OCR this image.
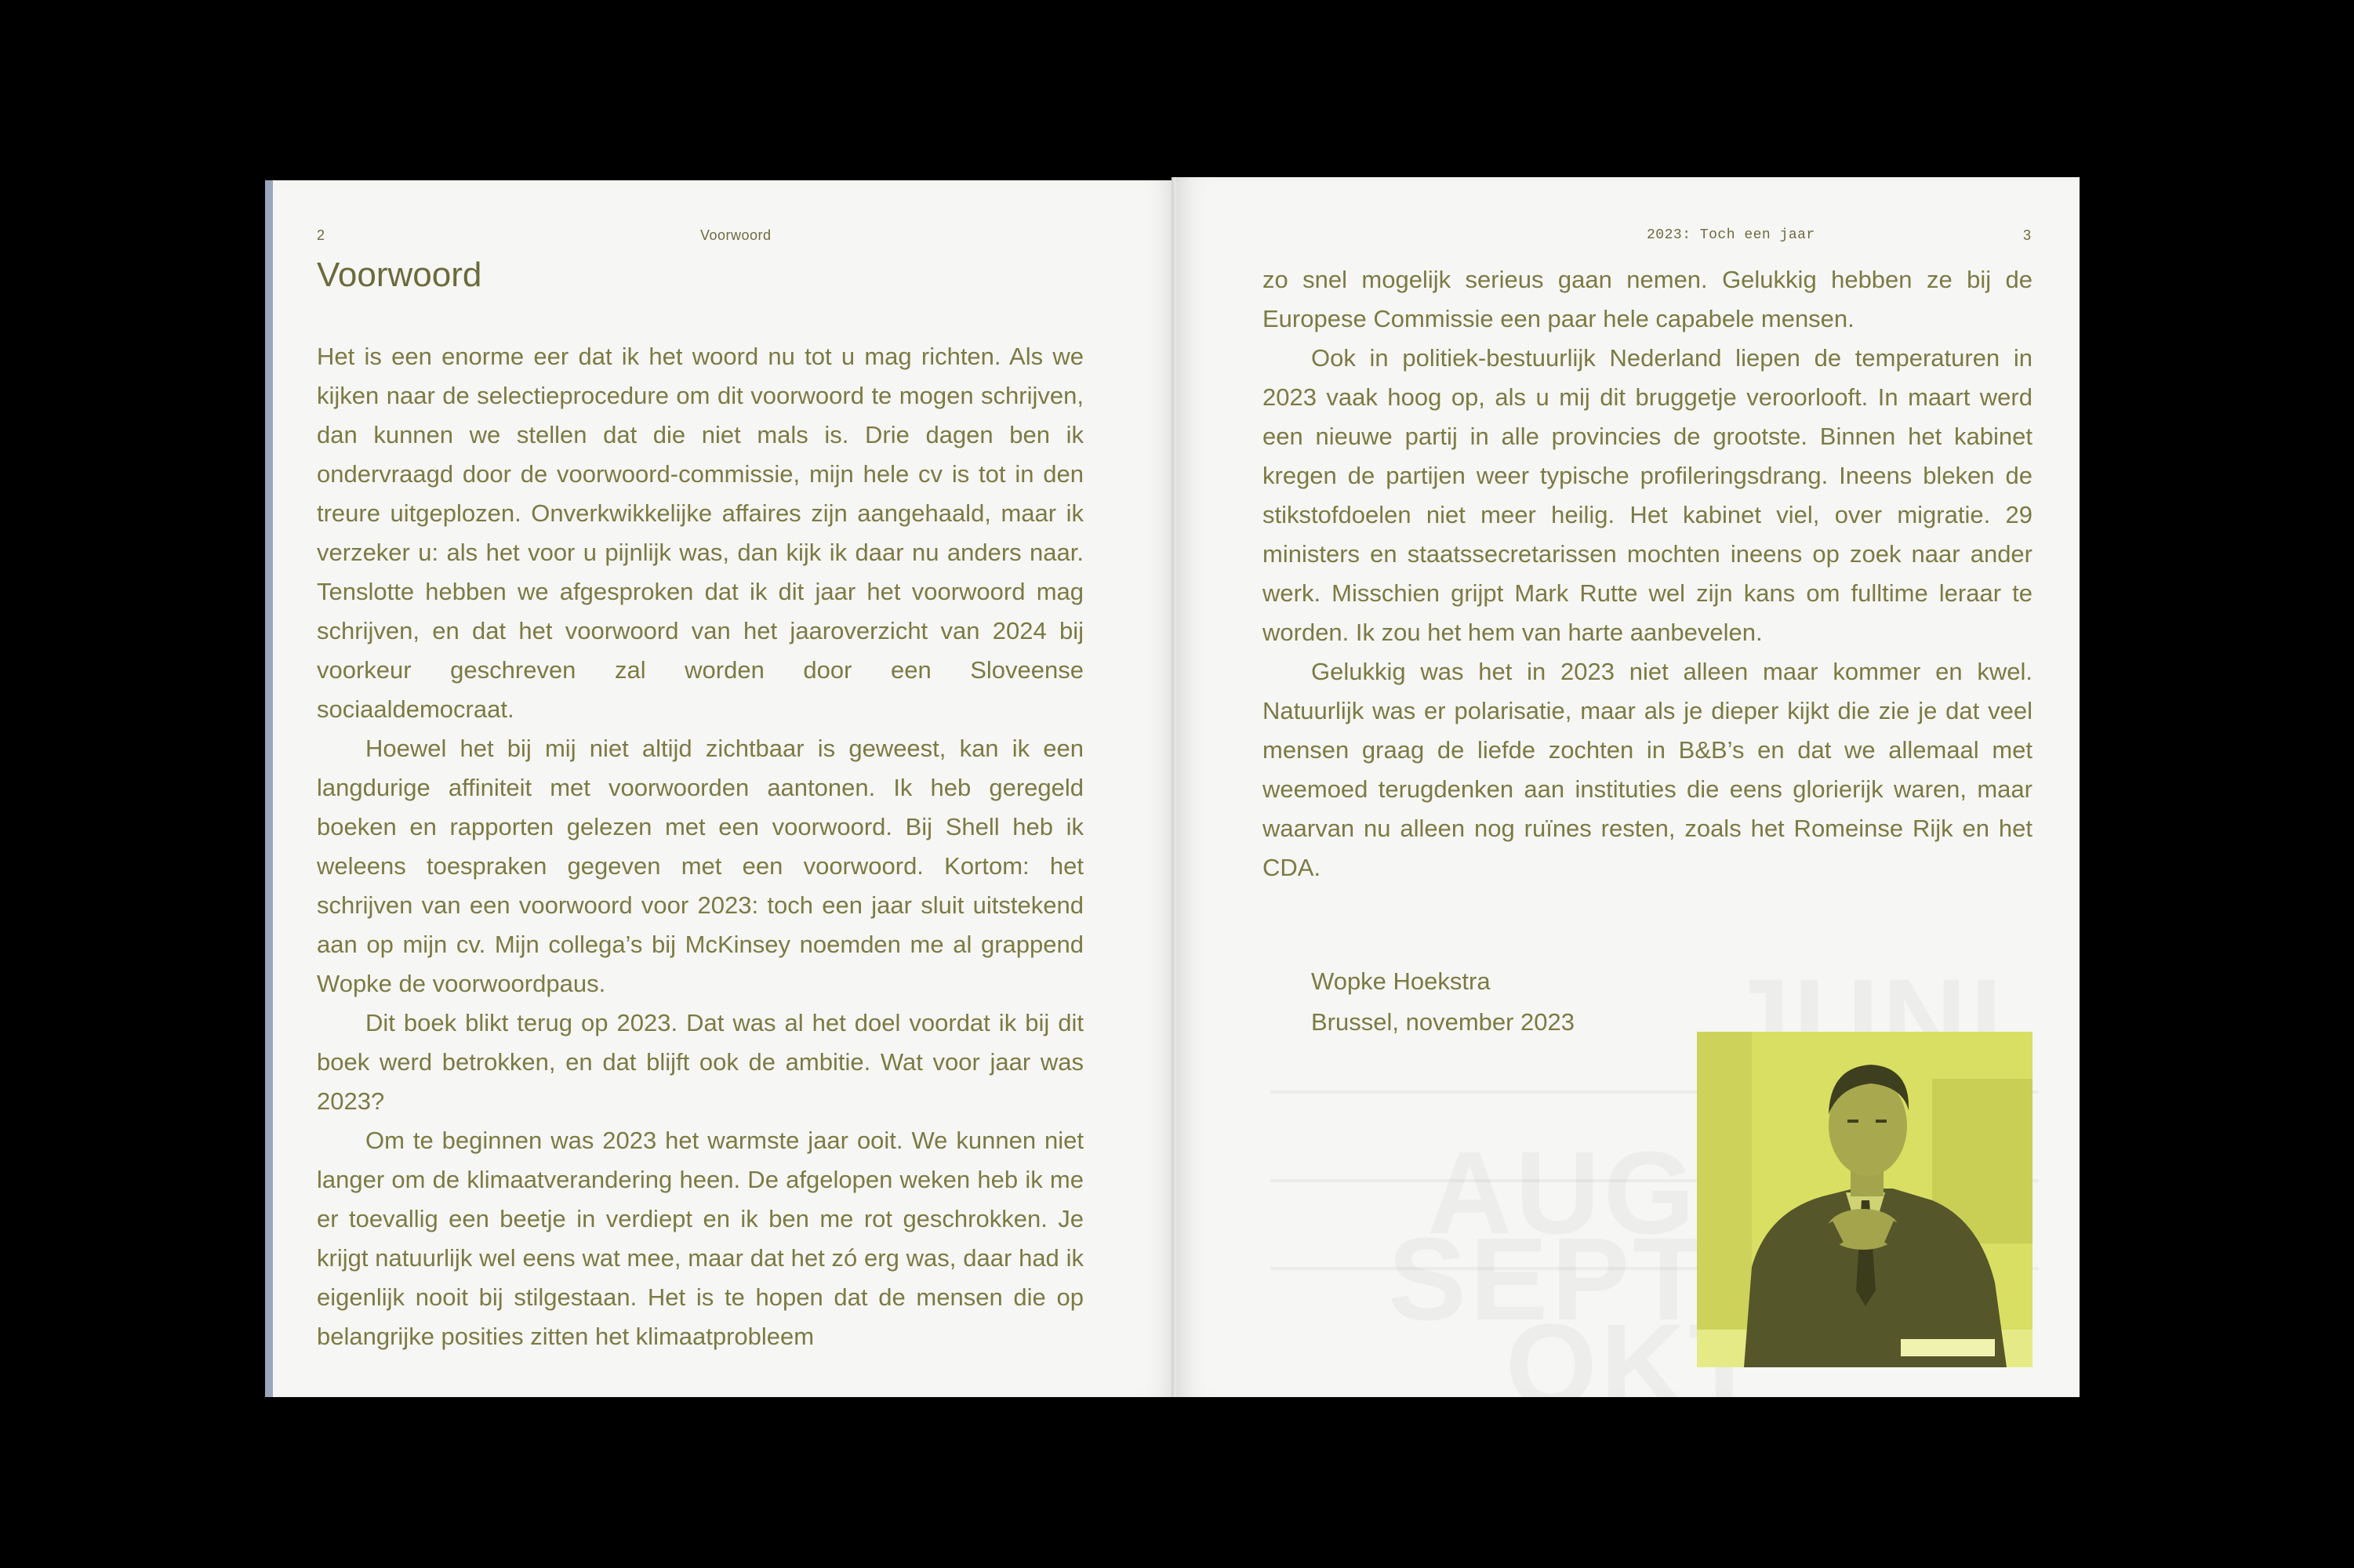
2	Voorwoord
Voorwoord

Het is een enorme eer dat ik het woord nu tot u mag richten. Als we kijken naar de selectieprocedure om dit voorwoord te mogen schrijven, dan kunnen we stellen dat die niet mals is. Drie dagen ben ik ondervraagd door de voorwoord-commissie, mijn hele cv is tot in den treure uitgeplozen. Onverkwikkelijke affaires zijn aangehaald, maar ik verzeker u: als het voor u pijnlijk was, dan kijk ik daar nu anders naar. Tenslotte hebben we afgesproken dat ik dit jaar het voorwoord mag schrijven, en dat het voorwoord van het jaaroverzicht van 2024 bij voorkeur geschreven zal worden door een Sloveense sociaaldemocraat.

Hoewel het bij mij niet altijd zichtbaar is geweest, kan ik een langdurige affiniteit met voorwoorden aantonen. Ik heb geregeld boeken en rapporten gelezen met een voorwoord. Bij Shell heb ik weleens toespraken gegeven met een voorwoord. Kortom: het schrijven van een voorwoord voor 2023: toch een jaar sluit uitstekend aan op mijn cv. Mijn collega’s bij McKinsey noemden me al grappend Wopke de voorwoordpaus.

Dit boek blikt terug op 2023. Dat was al het doel voordat ik bij dit boek werd betrokken, en dat blijft ook de ambitie. Wat voor jaar was 2023?

Om te beginnen was 2023 het warmste jaar ooit. We kunnen niet langer om de klimaatverandering heen. De afgelopen weken heb ik me er toevallig een beetje in verdiept en ik ben me rot geschrokken. Je krijgt natuurlijk wel eens wat mee, maar dat het zó erg was, daar had ik eigenlijk nooit bij stilgestaan. Het is te hopen dat de mensen die op belangrijke posities zitten het klimaatprobleem

2023: Toch een jaar	3

zo snel mogelijk serieus gaan nemen. Gelukkig hebben ze bij de Europese Commissie een paar hele capabele mensen.

Ook in politiek-bestuurlijk Nederland liepen de temperaturen in 2023 vaak hoog op, als u mij dit bruggetje veroorlooft. In maart werd een nieuwe partij in alle provincies de grootste. Binnen het kabinet kregen de partijen weer typische profileringsdrang. Ineens bleken de stikstofdoelen niet meer heilig. Het kabinet viel, over migratie. 29 ministers en staatssecretarissen mochten ineens op zoek naar ander werk. Misschien grijpt Mark Rutte wel zijn kans om fulltime leraar te worden. Ik zou het hem van harte aanbevelen.

Gelukkig was het in 2023 niet alleen maar kommer en kwel. Natuurlijk was er polarisatie, maar als je dieper kijkt die zie je dat veel mensen graag de liefde zochten in B&B’s en dat we allemaal met weemoed terugdenken aan instituties die eens glorierijk waren, maar waarvan nu alleen nog ruïnes resten, zoals het Romeinse Rijk en het CDA.

Wopke Hoekstra
Brussel, november 2023
